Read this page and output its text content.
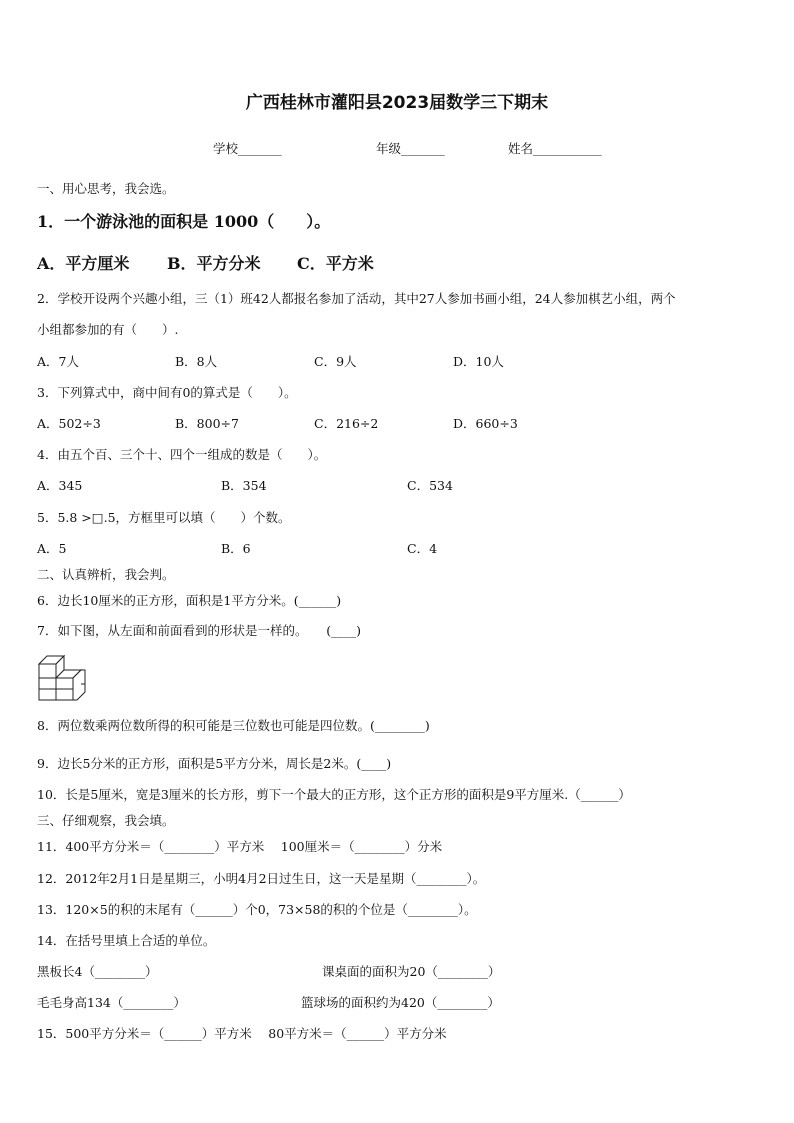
广西桂林市灌阳县2023届数学三下期末
学校_______	年级_______	姓名___________
一、用心思考，我会选。
1．一个游泳池的面积是 1000（　　）。
A．平方厘米 B．平方分米 C．平方米
2．学校开设两个兴趣小组，三（1）班42人都报名参加了活动，其中27人参加书画小组，24人参加棋艺小组，两个
小组都参加的有（　　）.
A．7人	B．8人	C．9人	D．10人
3．下列算式中，商中间有0的算式是（　　）。
A．502÷3	B．800÷7	C．216÷2	D．660÷3
4．由五个百、三个十、四个一组成的数是（　　）。
A．345	B．354	C．534
5．5.8 >□.5，方框里可以填（　　）个数。
A．5	B．6	C．4
二、认真辨析，我会判。
6．边长10厘米的正方形，面积是1平方分米。(______)
7．如下图，从左面和前面看到的形状是一样的。　　(____)
8．两位数乘两位数所得的积可能是三位数也可能是四位数。(________)
9．边长5分米的正方形，面积是5平方分米，周长是2米。(____)
10．长是5厘米，宽是3厘米的长方形，剪下一个最大的正方形，这个正方形的面积是9平方厘米.（______）
三、仔细观察，我会填。
11．400平方分米＝（________）平方米　 100厘米＝（________）分米
12．2012年2月1日是星期三，小明4月2日过生日，这一天是星期（________）。
13．120×5的积的末尾有（______）个0，73×58的积的个位是（________）。
14．在括号里填上合适的单位。
黑板长4（________）	课桌面的面积为20（________）
毛毛身高134（________）	篮球场的面积约为420（________）
15．500平方分米＝（______）平方米　 80平方米＝（______）平方分米
